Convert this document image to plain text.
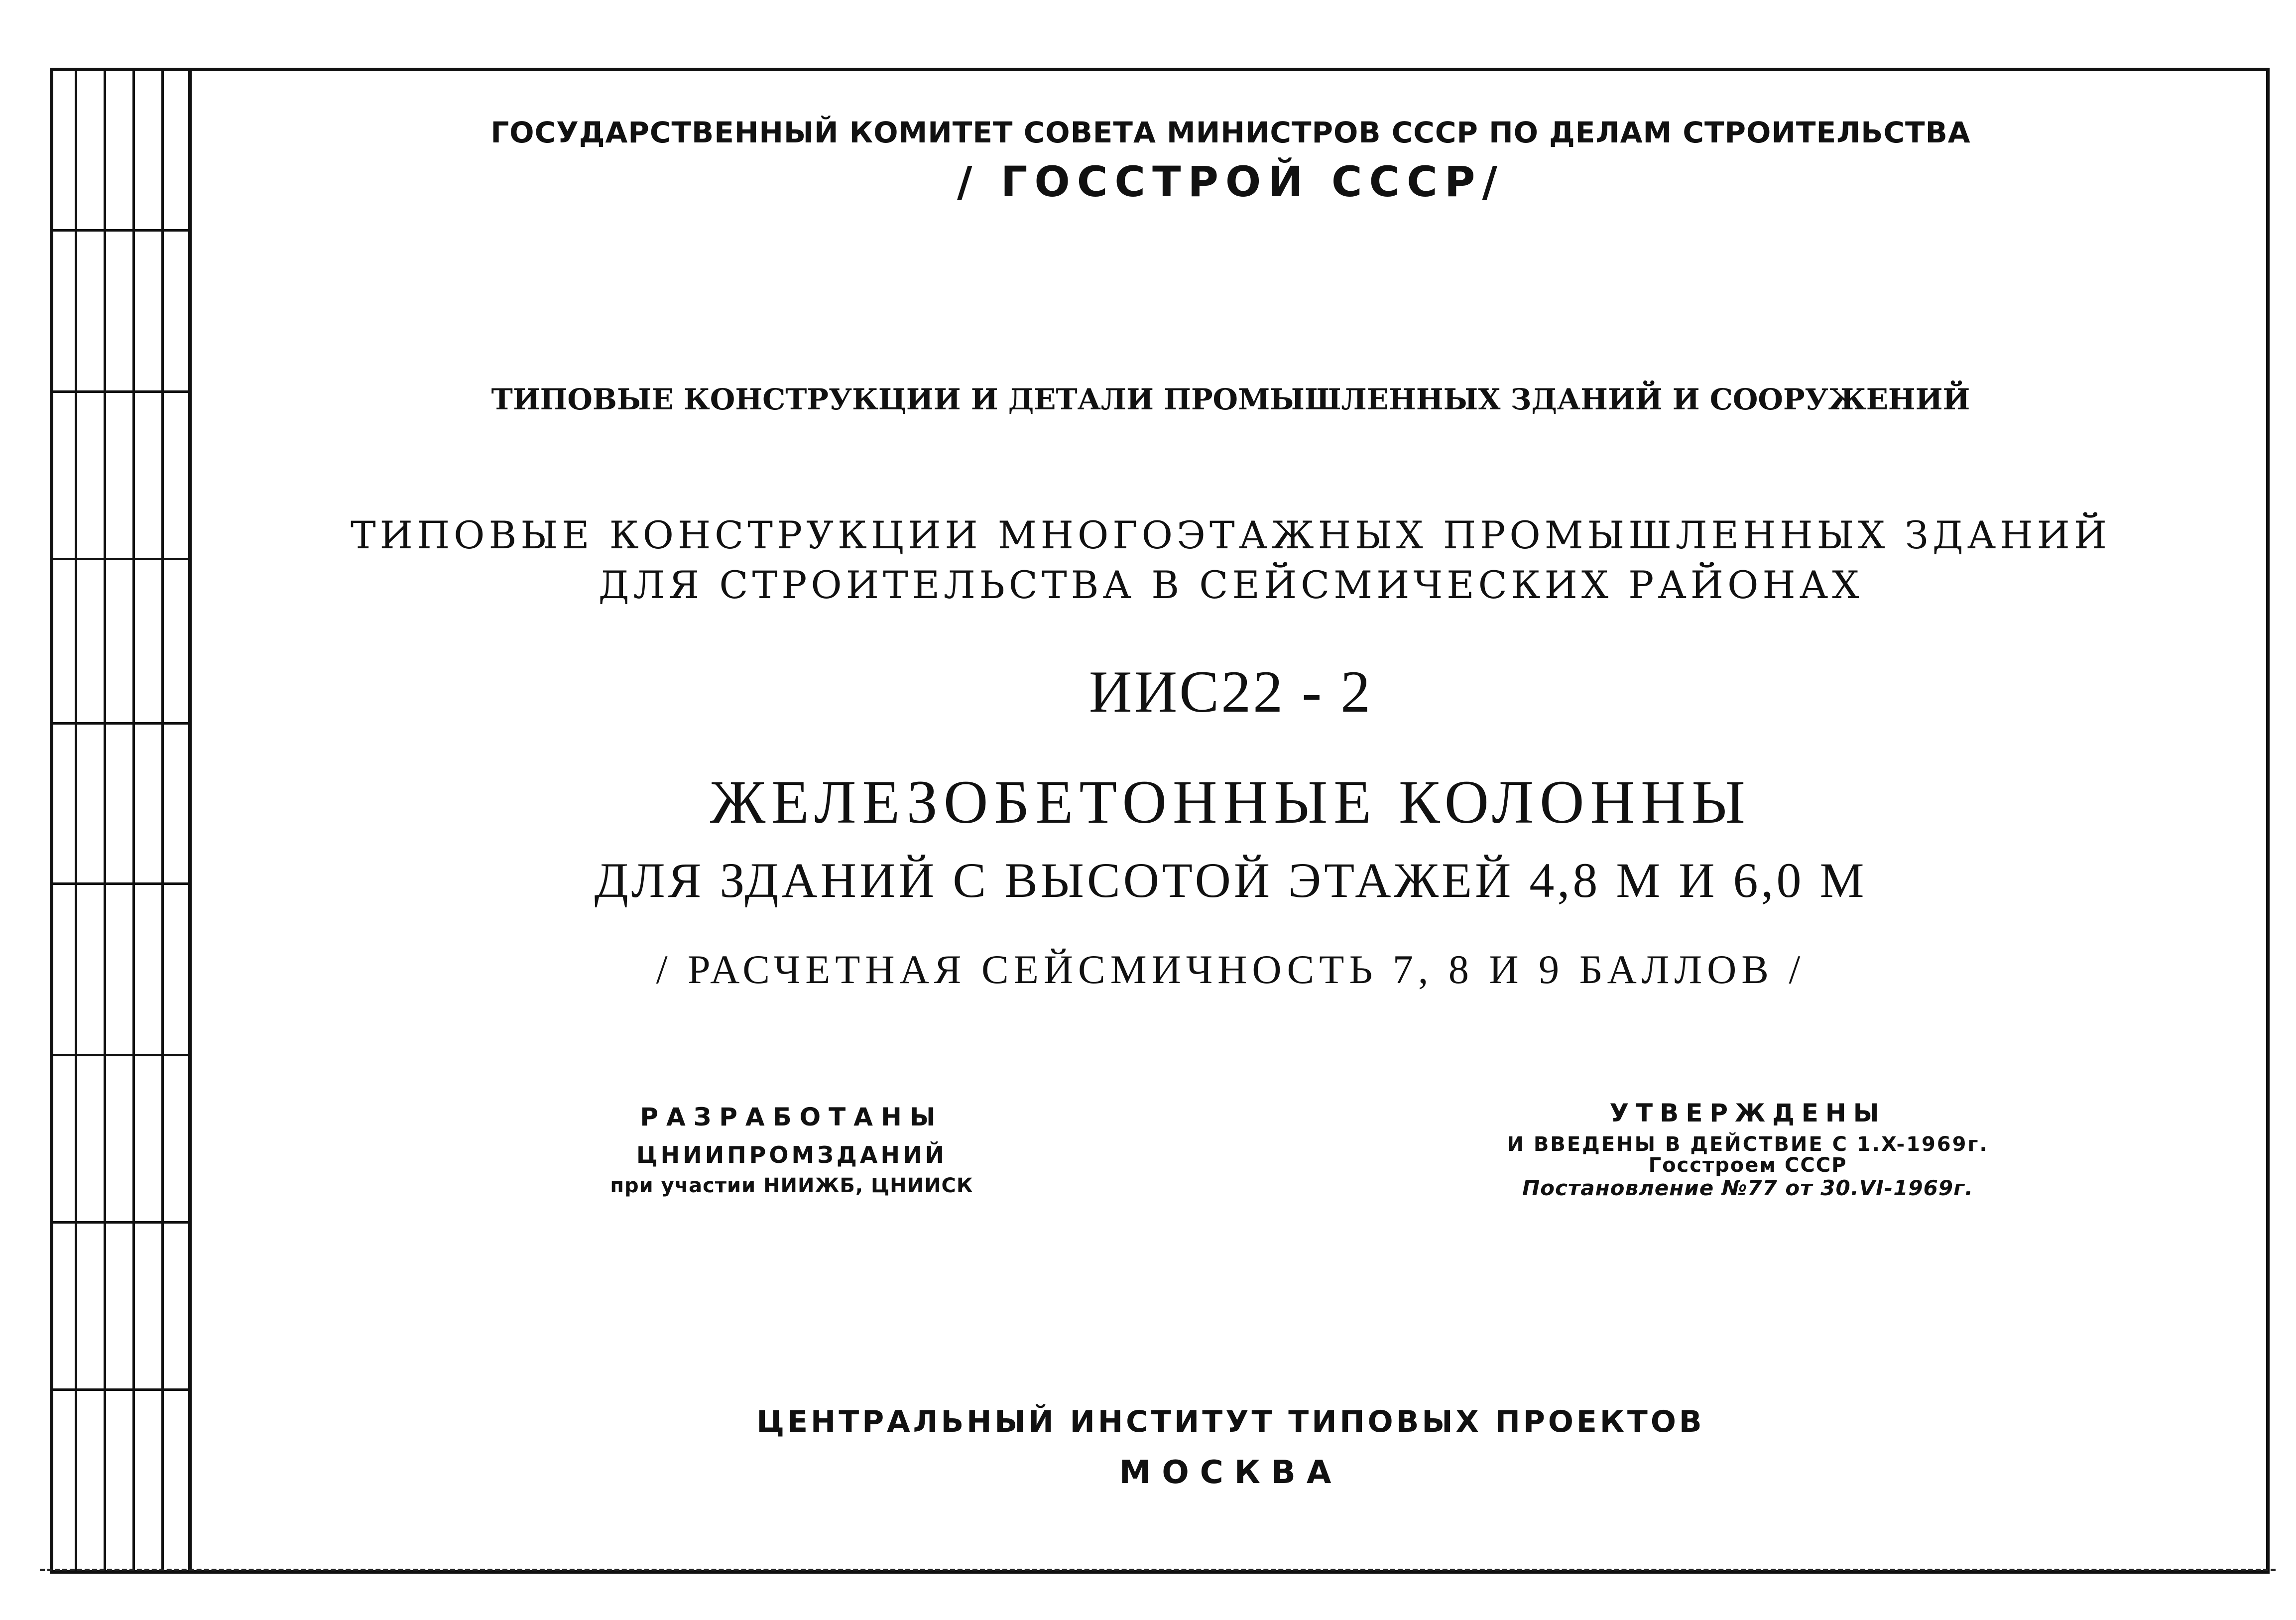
ГОСУДАРСТВЕННЫЙ КОМИТЕТ СОВЕТА МИНИСТРОВ СССР ПО ДЕЛАМ СТРОИТЕЛЬСТВА

/ ГОССТРОЙ СССР/

ТИПОВЫЕ КОНСТРУКЦИИ И ДЕТАЛИ ПРОМЫШЛЕННЫХ ЗДАНИЙ И СООРУЖЕНИЙ

ТИПОВЫЕ КОНСТРУКЦИИ МНОГОЭТАЖНЫХ ПРОМЫШЛЕННЫХ ЗДАНИЙ

ДЛЯ СТРОИТЕЛЬСТВА В СЕЙСМИЧЕСКИХ РАЙОНАХ

ИИС22 - 2

ЖЕЛЕЗОБЕТОННЫЕ КОЛОННЫ

ДЛЯ ЗДАНИЙ С ВЫСОТОЙ ЭТАЖЕЙ 4,8 М И 6,0 М

/ РАСЧЕТНАЯ СЕЙСМИЧНОСТЬ 7, 8 И 9 БАЛЛОВ /

РАЗРАБОТАНЫ
ЦНИИПРОМЗДАНИЙ
при участии НИИЖБ, ЦНИИСК
УТВЕРЖДЕНЫ
И ВВЕДЕНЫ В ДЕЙСТВИЕ С 1.X-1969г.
Госстроем СССР
Постановление №77 от 30.VI-1969г.

ЦЕНТРАЛЬНЫЙ ИНСТИТУТ ТИПОВЫХ ПРОЕКТОВ

МОСКВА
